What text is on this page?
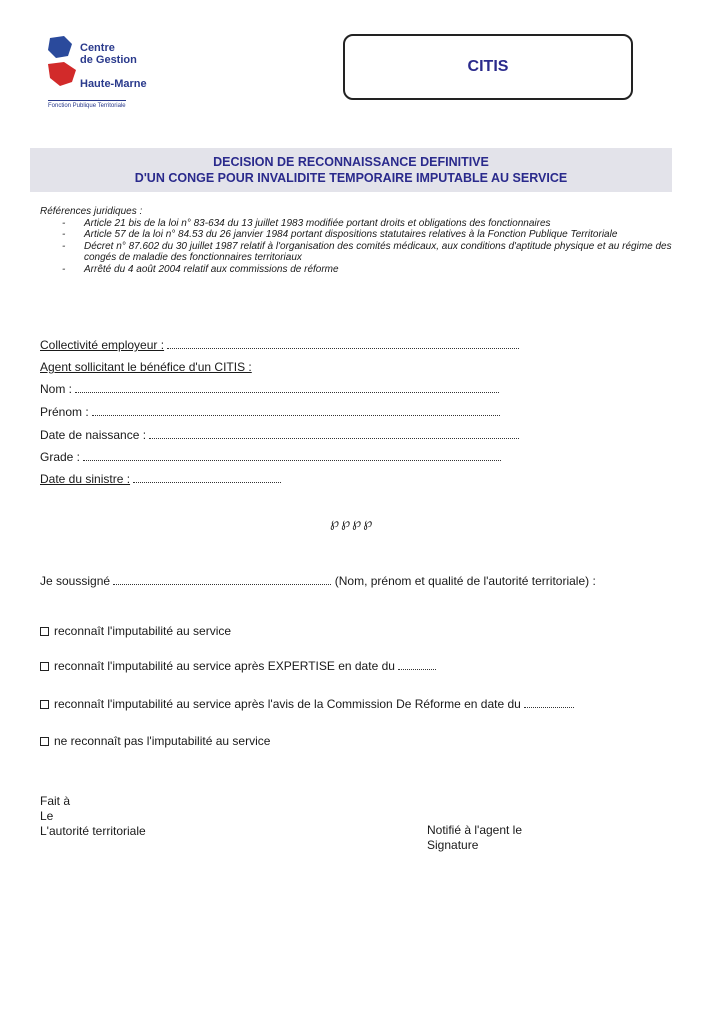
Centre
de Gestion
Haute-Marne
Fonction Publique Territoriale
CITIS
DECISION DE RECONNAISSANCE DEFINITIVE
D'UN CONGE POUR INVALIDITE TEMPORAIRE IMPUTABLE AU SERVICE
Références juridiques :
- Article 21 bis de la loi n° 83-634 du 13 juillet 1983 modifiée portant droits et obligations des fonctionnaires
- Article 57 de la loi n° 84.53 du 26 janvier 1984 portant dispositions statutaires relatives à la Fonction Publique Territoriale
- Décret n° 87.602 du 30 juillet 1987 relatif à l'organisation des comités médicaux, aux conditions d'aptitude physique et au régime des congés de maladie des fonctionnaires territoriaux
- Arrêté du 4 août 2004 relatif aux commissions de réforme
Collectivité employeur :
Agent sollicitant le bénéfice d'un CITIS :
Nom :
Prénom :
Date de naissance :
Grade :
Date du sinistre :
℘℘℘℘
Je soussigné	(Nom, prénom et qualité de l'autorité territoriale) :
reconnaît l'imputabilité au service
reconnaît l'imputabilité au service après EXPERTISE en date du
reconnaît l'imputabilité au service après l'avis de la Commission De Réforme en date du
ne reconnaît pas l'imputabilité au service
Fait à
Le
L'autorité territoriale	Notifié à l'agent le
Signature
